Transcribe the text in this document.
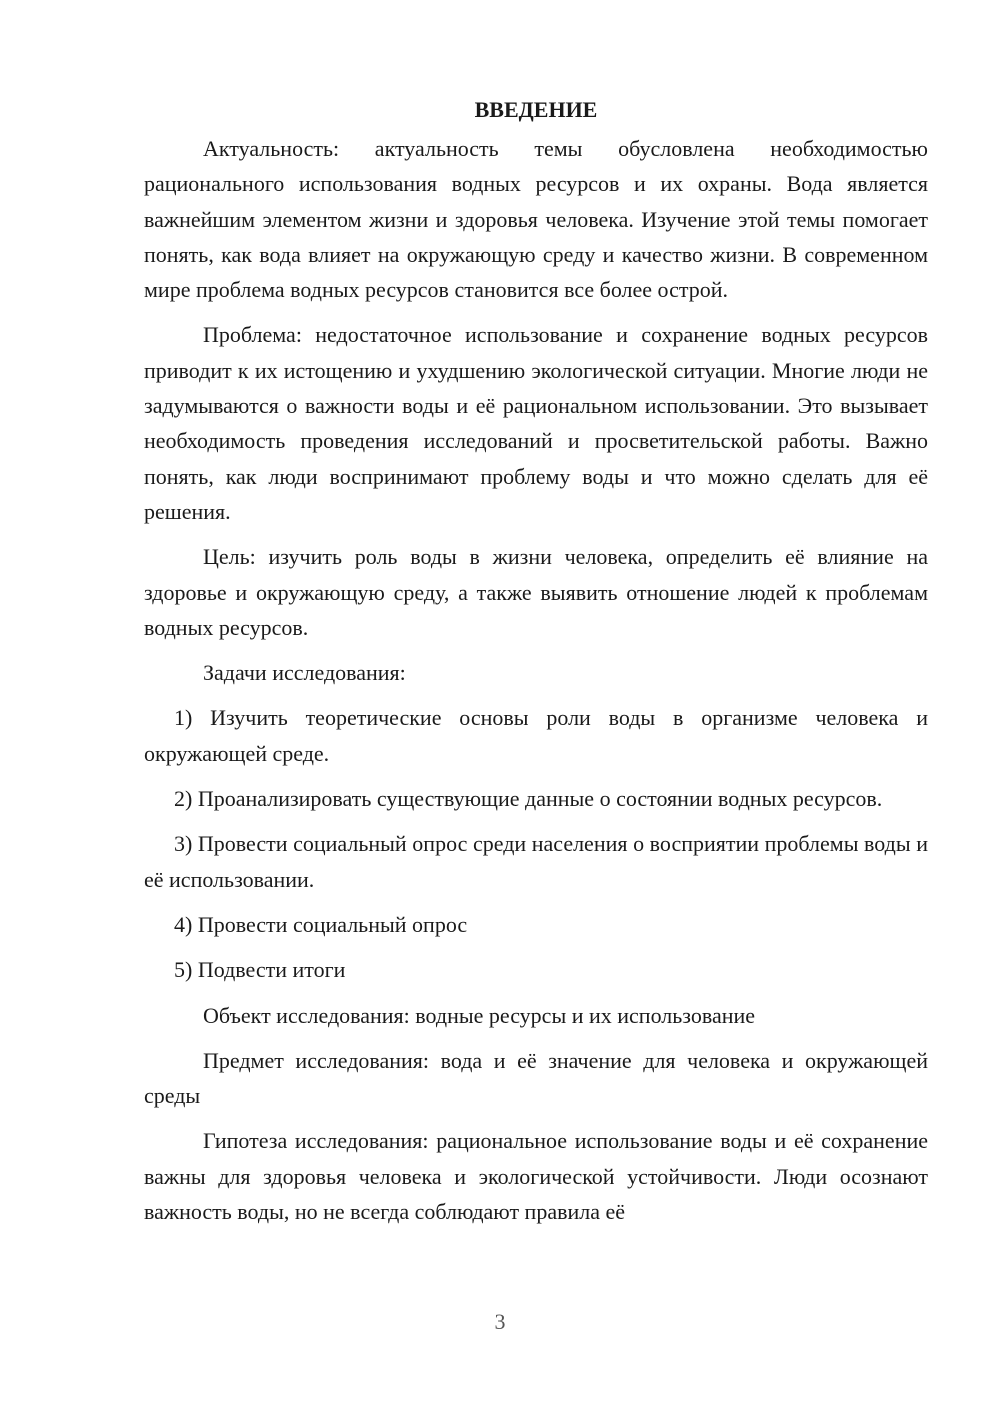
ВВЕДЕНИЕ

Актуальность: актуальность темы обусловлена необходимостью рационального использования водных ресурсов и их охраны. Вода является важнейшим элементом жизни и здоровья человека. Изучение этой темы помогает понять, как вода влияет на окружающую среду и качество жизни. В современном мире проблема водных ресурсов становится все более острой.

Проблема: недостаточное использование и сохранение водных ресурсов приводит к их истощению и ухудшению экологической ситуации. Многие люди не задумываются о важности воды и её рациональном использовании. Это вызывает необходимость проведения исследований и просветительской работы. Важно понять, как люди воспринимают проблему воды и что можно сделать для её решения.

Цель: изучить роль воды в жизни человека, определить её влияние на здоровье и окружающую среду, а также выявить отношение людей к проблемам водных ресурсов.

Задачи исследования:

1) Изучить теоретические основы роли воды в организме человека и окружающей среде.

2) Проанализировать существующие данные о состоянии водных ресурсов.

3) Провести социальный опрос среди населения о восприятии проблемы воды и её использовании.

4) Провести социальный опрос

5) Подвести итоги

Объект исследования: водные ресурсы и их использование

Предмет исследования: вода и её значение для человека и окружающей среды

Гипотеза исследования: рациональное использование воды и её сохранение важны для здоровья человека и экологической устойчивости. Люди осознают важность воды, но не всегда соблюдают правила её

3
